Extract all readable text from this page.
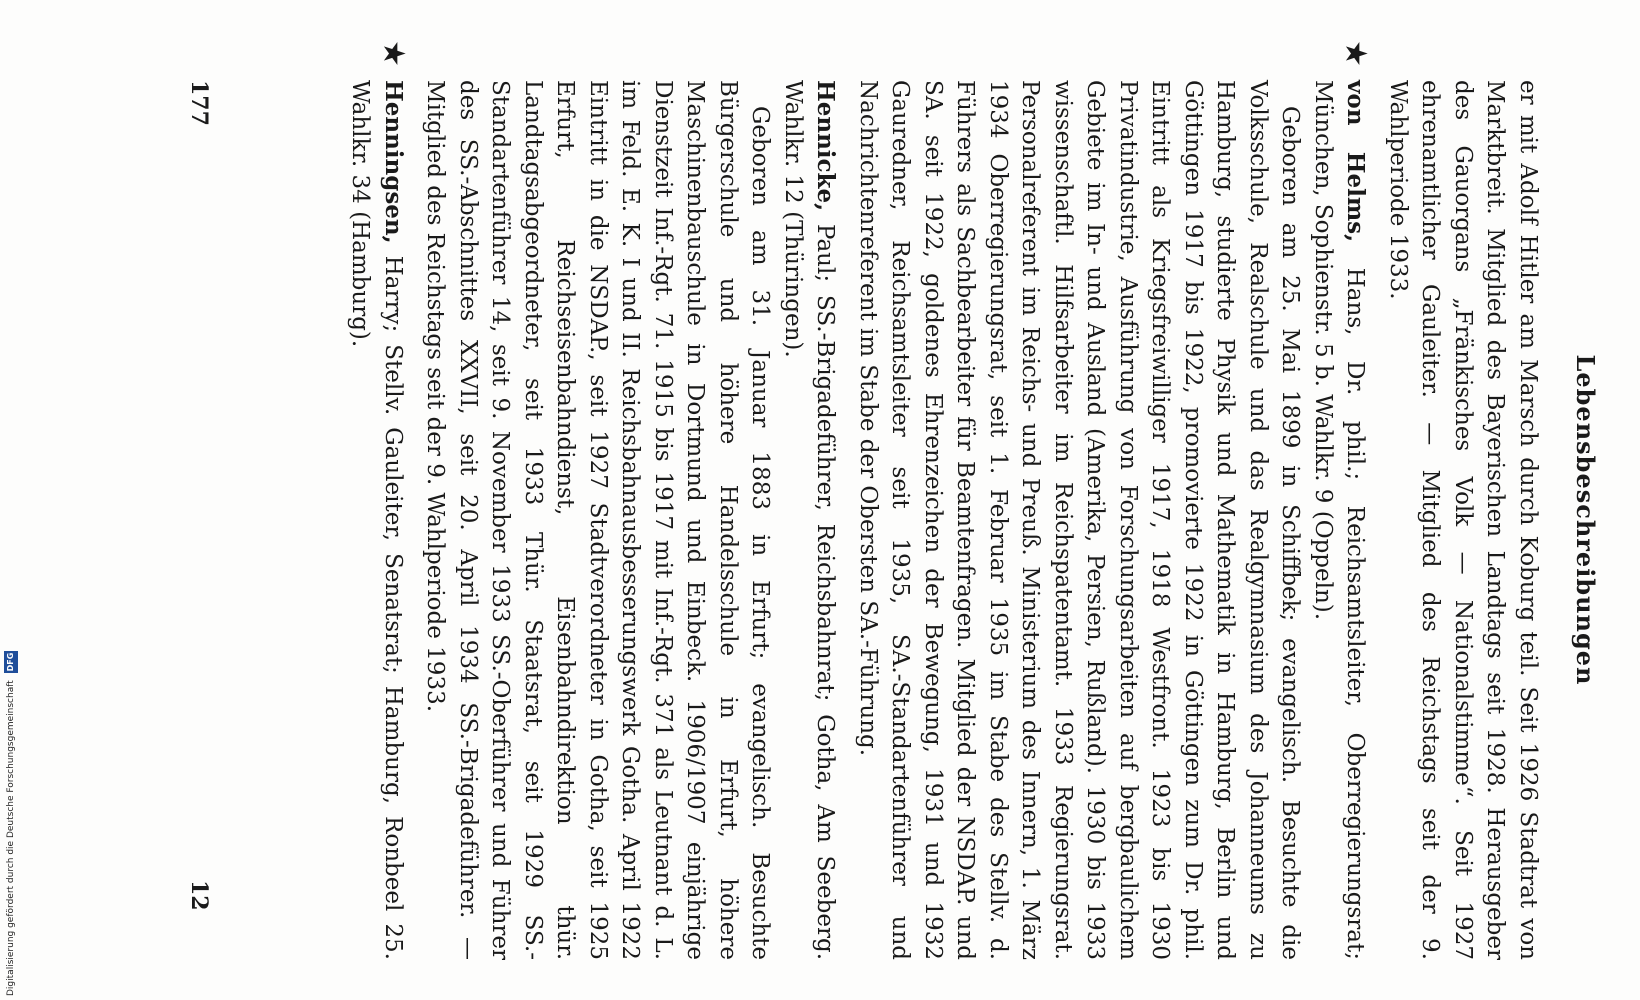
Lebensbeschreibungen

er mit Adolf Hitler am Marsch durch Koburg teil. Seit 1926 Stadtrat von Marktbreit. Mitglied des Bayerischen Landtags seit 1928. Herausgeber des Gauorgans „Fränkisches Volk — Nationalstimme“. Seit 1927 ehrenamtlicher Gauleiter. — Mitglied des Reichstags seit der 9. Wahlperiode 1933.

★
von Helms, Hans, Dr. phil.; Reichsamtsleiter, Oberregierungsrat; München, Sophienstr. 5 b. Wahlkr. 9 (Oppeln).
Geboren am 25. Mai 1899 in Schiffbek; evangelisch. Besuchte die Volksschule, Realschule und das Realgymnasium des Johanneums zu Hamburg, studierte Physik und Mathematik in Hamburg, Berlin und Göttingen 1917 bis 1922, promovierte 1922 in Göttingen zum Dr. phil. Eintritt als Kriegsfreiwilliger 1917, 1918 Westfront. 1923 bis 1930 Privatindustrie, Ausführung von Forschungsarbeiten auf bergbaulichem Gebiete im In- und Ausland (Amerika, Persien, Rußland). 1930 bis 1933 wissenschaftl. Hilfsarbeiter im Reichspatentamt. 1933 Regierungsrat. Personalreferent im Reichs- und Preuß. Ministerium des Innern, 1. März 1934 Oberregierungsrat, seit 1. Februar 1935 im Stabe des Stellv. d. Führers als Sachbearbeiter für Beamtenfragen. Mitglied der NSDAP. und SA. seit 1922, goldenes Ehrenzeichen der Bewegung, 1931 und 1932 Gauredner, Reichsamtsleiter seit 1935, SA.-Standartenführer und Nachrichtenreferent im Stabe der Obersten SA.-Führung.

Hennicke, Paul; SS.-Brigadeführer, Reichsbahnrat; Gotha, Am Seeberg. Wahlkr. 12 (Thüringen).
Geboren am 31. Januar 1883 in Erfurt; evangelisch. Besuchte Bürgerschule und höhere Handelsschule in Erfurt, höhere Maschinenbauschule in Dortmund und Einbeck. 1906/1907 einjährige Dienstzeit Inf.-Rgt. 71. 1915 bis 1917 mit Inf.-Rgt. 371 als Leutnant d. L. im Feld. E. K. I und II. Reichsbahnausbesserungswerk Gotha. April 1922 Eintritt in die NSDAP., seit 1927 Stadtverordneter in Gotha, seit 1925 Erfurt, Reichseisenbahndienst, Eisenbahndirektion thür. Landtagsabgeordneter, seit 1933 Thür. Staatsrat, seit 1929 SS.-Standartenführer 14, seit 9. November 1933 SS.-Oberführer und Führer des SS.-Abschnittes XXVII, seit 20. April 1934 SS.-Brigadeführer. — Mitglied des Reichstags seit der 9. Wahlperiode 1933.

★
Henningsen, Harry; Stellv. Gauleiter, Senatsrat; Hamburg, Ronbeel 25. Wahlkr. 34 (Hamburg).

177
12
Digitalisierung gefördert durch die Deutsche Forschungsgemeinschaft DFG
